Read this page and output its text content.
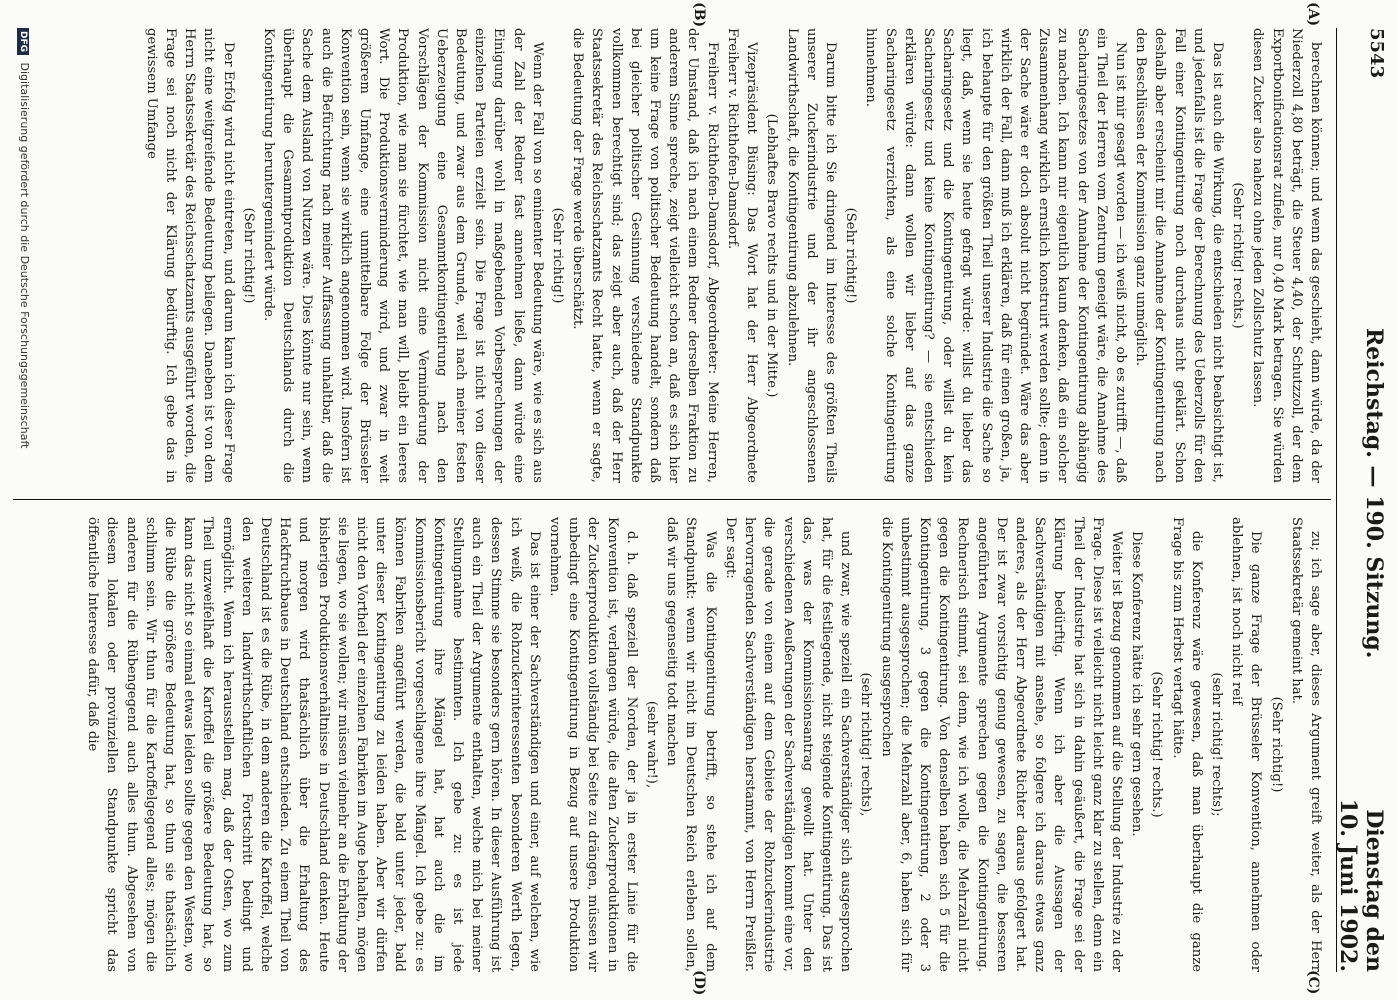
5543
Reichstag. — 190. Sitzung.
Dienstag den 10. Juni 1902.

berechnen können; und wenn das geschieht, dann würde, da der Niederzoll 4,80 beträgt, die Steuer 4,40, der Schutzzoll, der dem Exportbonificationsrat zufiele, nur 0,40 Mark betragen. Sie würden diesen Zucker also nahezu ohne jeden Zollschutz lassen.

(Sehr richtig! rechts.)

Das ist auch die Wirkung, die entschieden nicht beabsichtigt ist, und jedenfalls ist die Frage der Berechnung des Ueberzolls für den Fall einer Kontingentirung noch durchaus nicht geklärt. Schon deshalb aber erscheint mir die Annahme der Kontingentirung nach den Beschlüssen der Kommission ganz unmöglich.

Nun ist mir gesagt worden — ich weiß nicht, ob es zutrifft —, daß ein Theil der Herren vom Zentrum geneigt wäre, die Annahme des Sacharingesetzes von der Annahme der Kontingentirung abhängig zu machen. Ich kann mir eigentlich kaum denken, daß ein solcher Zusammenhang wirklich ernstlich konstruirt werden sollte; denn in der Sache wäre er doch absolut nicht begründet. Wäre das aber wirklich der Fall, dann muß ich erklären, daß für einen großen, ja, ich behaupte für den größten Theil unserer Industrie die Sache so liegt, daß, wenn sie heute gefragt würde: willst du lieber das Sacharingesetz und die Kontingentirung, oder willst du kein Sacharingesetz und keine Kontingentirung? — sie entschieden erklären würde: dann wollen wir lieber auf das ganze Sacharingesetz verzichten, als eine solche Kontingentirung hinnehmen.

(Sehr richtig!)

Darum bitte ich Sie dringend im Interesse des größten Theils unserer Zuckerindustrie und der ihr angeschlossenen Landwirthschaft, die Kontingentirung abzulehnen.

(Lebhaftes Bravo rechts und in der Mitte.)

Vizepräsident Büsing: Das Wort hat der Herr Abgeordnete Freiherr v. Richthofen-Damsdorf.

Freiherr v. Richthofen-Damsdorf, Abgeordneter: Meine Herren, der Umstand, daß ich nach einem Redner derselben Fraktion zu anderem Sinne spreche, zeigt vielleicht schon an, daß es sich hier um keine Frage von politischer Bedeutung handelt, sondern daß bei gleicher politischer Gesinnung verschiedene Standpunkte vollkommen berechtigt sind; das zeigt aber auch, daß der Herr Staatssekretär des Reichsschatzamts Recht hatte, wenn er sagte, die Bedeutung der Frage werde überschätzt.

(Sehr richtig!)

Wenn der Fall von so eminenter Bedeutung wäre, wie es sich aus der Zahl der Redner fast annehmen ließe, dann würde eine Einigung darüber wohl in maßgebenden Vorbesprechungen der einzelnen Parteien erzielt sein. Die Frage ist nicht von dieser Bedeutung, und zwar aus dem Grunde, weil nach meiner festen Ueberzeugung eine Gesammtkontingentirung nach den Vorschlägen der Kommission nicht eine Verminderung der Produktion, wie man sie fürchtet, wie man will, bleibt ein leeres Wort. Die Produktionsverminderung wird, und zwar in weit größerem Umfange, eine unmittelbare Folge der Brüsseler Konvention sein, wenn sie wirklich angenommen wird. Insofern ist auch die Befürchtung nach meiner Auffassung unhaltbar, daß die Sache dem Ausland von Nutzen wäre. Dies könnte nur sein, wenn überhaupt die Gesammtproduktion Deutschlands durch die Kontingentirung heruntergemindert würde.

(Sehr richtig!)

Der Erfolg wird nicht eintreten, und darum kann ich dieser Frage nicht eine weitgreifende Bedeutung beilegen. Daneben ist von dem Herrn Staatssekretär des Reichsschatzamts ausgeführt worden, die Frage sei noch nicht der Klärung bedürftig. Ich gebe das in gewissem Umfange

zu; ich sage aber, dieses Argument greift weiter, als der Herr Staatssekretär gemeint hat.

(Sehr richtig!)

Die ganze Frage der Brüsseler Konvention, annehmen oder ablehnen, ist noch nicht reif

(sehr richtig! rechts);

die Konferenz wäre gewesen, daß man überhaupt die ganze Frage bis zum Herbst vertagt hätte.

(Sehr richtig! rechts.)

Diese Konferenz hätte ich sehr gern gesehen.

Weiter ist Bezug genommen auf die Stellung der Industrie zu der Frage. Diese ist vielleicht nicht leicht ganz klar zu stellen, denn ein Theil der Industrie hat sich in dahin geäußert, die Frage sei der Klärung bedürftig. Wenn ich aber die Aussagen der Sachverständigen mit ansehe, so folgere ich daraus etwas ganz anderes, als der Herr Abgeordnete Richter daraus gefolgert hat. Der ist zwar vorsichtig genug gewesen, zu sagen, die besseren angeführten Argumente sprechen gegen die Kontingentirung. Rechnerisch stimmt, sei denn, wie ich wolle, die Mehrzahl nicht gegen die Kontingentirung. Von denselben haben sich 5 für die Kontingentirung, 3 gegen die Kontingentirung, 2 oder 3 unbestimmt ausgesprochen; die Mehrzahl aber, 6, haben sich für die Kontingentirung ausgesprochen

(sehr richtig! rechts),

und zwar, wie speziell ein Sachverständiger sich ausgesprochen hat, für die festliegende, nicht steigende Kontingentirung. Das ist das, was der Kommissionsantrag gewollt hat. Unter den verschiedenen Aeußerungen der Sachverständigen kommt eine vor, die gerade von einem auf dem Gebiete der Rohzuckerindustrie hervorragenden Sachverständigen herstammt, von Herrn Preißler. Der sagt:

Was die Kontingentirung betrifft, so stehe ich auf dem Standpunkt: wenn wir nicht im Deutschen Reich erleben sollen, daß wir uns gegenseitig todt machen

(sehr wahr!),

d. h. daß speziell der Norden, der ja in erster Linie für die Konvention ist, verlangen würde, die alten Zuckerproduktionen in der Zuckerproduktion vollständig bei Seite zu drängen, müssen wir unbedingt eine Kontingentirung in Bezug auf unsere Produktion vornehmen.

Das ist einer der Sachverständigen und einer, auf welchen, wie ich weiß, die Rohzuckerinteressenten besonderen Werth legen, dessen Stimme sie besonders gern hören. In dieser Ausführung ist auch ein Theil der Argumente enthalten, welche mich bei meiner Stellungnahme bestimmten. Ich gebe zu: es ist jede Kontingentirung ihre Mängel hat, hat auch die im Kommissionsbericht vorgeschlagene ihre Mängel. Ich gebe zu: es können Fabriken angeführt werden, die bald unter jeder, bald unter dieser Kontingentirung zu leiden haben. Aber wir dürfen nicht den Vortheil der einzelnen Fabriken im Auge behalten, mögen sie liegen, wo sie wollen; wir müssen vielmehr an die Erhaltung der bisherigen Produktionsverhältnisse in Deutschland denken. Heute und morgen wird thatsächlich über die Erhaltung des Hackfruchtbaues in Deutschland entschieden. Zu einem Theil von Deutschland ist es die Rübe, in dem anderen die Kartoffel, welche den weiteren landwirthschaftlichen Fortschritt bedingt und ermöglicht. Wenn ich herausstellen mag, daß der Osten, wo zum Theil unzweifelhaft die Kartoffel die größere Bedeutung hat, so kann das nicht so einmal etwas leiden sollte gegen den Westen, wo die Rübe die größere Bedeutung hat, so thun sie thatsächlich schlimm sein. Wir thun für die Kartoffelgegend alles; mögen die anderen für die Rübengegend auch alles thun. Abgesehen von diesem lokalen oder provinziellen Standpunkte spricht das öffentliche Interesse dafür, daß die

(A)
(B)
(C)
(D)
DFG Digitalisierung gefördert durch die Deutsche Forschungsgemeinschaft
